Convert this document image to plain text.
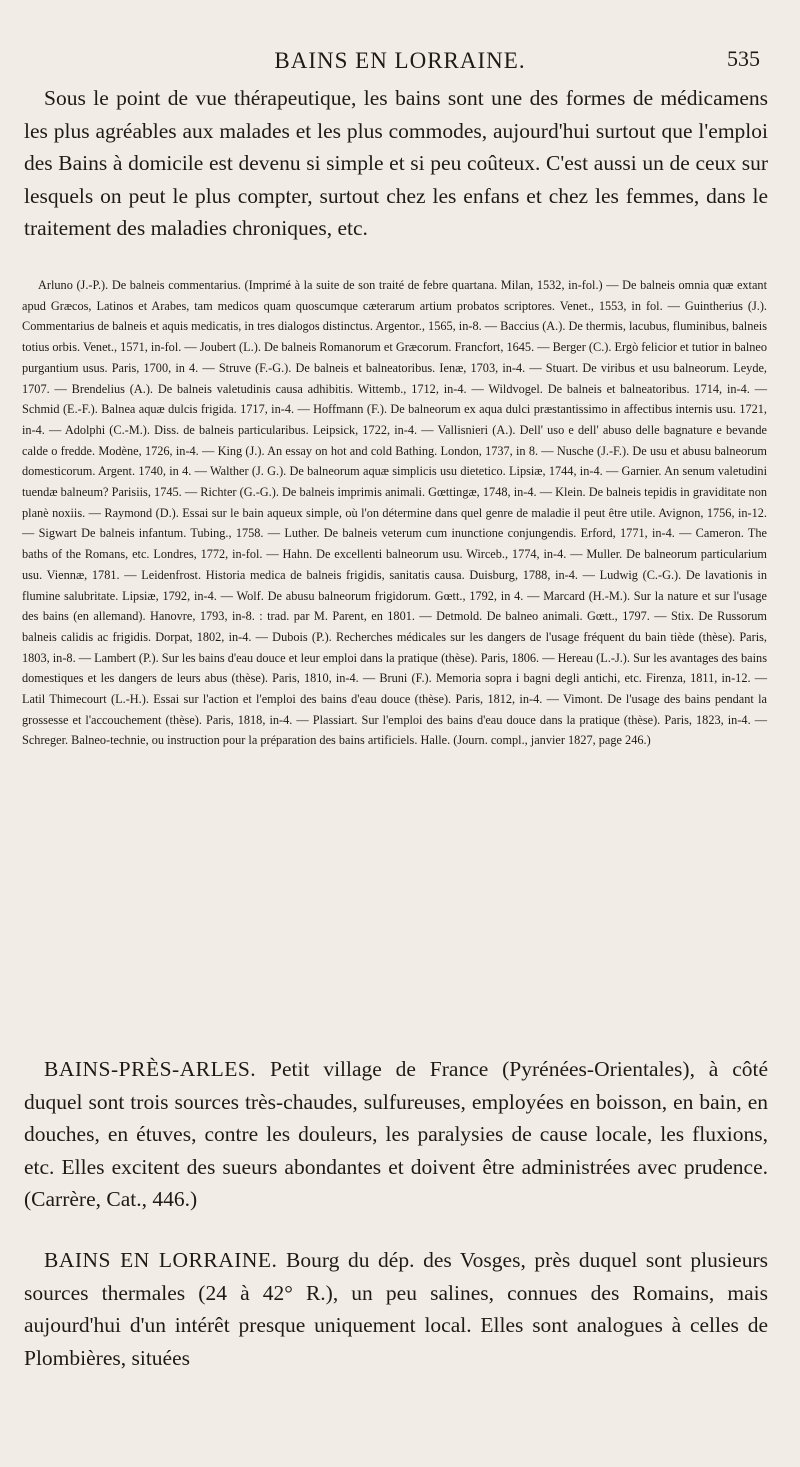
BAINS EN LORRAINE.	535

Sous le point de vue thérapeutique, les bains sont une des formes de médicamens les plus agréables aux malades et les plus commodes, aujourd'hui surtout que l'emploi des Bains à domicile est devenu si simple et si peu coûteux. C'est aussi un de ceux sur lesquels on peut le plus compter, surtout chez les enfans et chez les femmes, dans le traitement des maladies chroniques, etc.

Arluno (J.-P.). De balneis commentarius. (Imprimé à la suite de son traité de febre quartana. Milan, 1532, in-fol.) — De balneis omnia quæ extant apud Græcos, Latinos et Arabes, tam medicos quam quoscumque cæterarum artium probatos scriptores. Venet., 1553, in fol. — Guintherius (J.). Commentarius de balneis et aquis medicatis, in tres dialogos distinctus. Argentor., 1565, in-8. — Baccius (A.). De thermis, lacubus, fluminibus, balneis totius orbis. Venet., 1571, in-fol. — Joubert (L.). De balneis Romanorum et Græcorum. Francfort, 1645. — Berger (C.). Ergò felicior et tutior in balneo purgantium usus. Paris, 1700, in 4. — Struve (F.-G.). De balneis et balneatoribus. Ienæ, 1703, in-4. — Stuart. De viribus et usu balneorum. Leyde, 1707. — Brendelius (A.). De balneis valetudinis causa adhibitis. Wittemb., 1712, in-4. — Wildvogel. De balneis et balneatoribus. 1714, in-4. — Schmid (E.-F.). Balnea aquæ dulcis frigida. 1717, in-4. — Hoffmann (F.). De balneorum ex aqua dulci præstantissimo in affectibus internis usu. 1721, in-4. — Adolphi (C.-M.). Diss. de balneis particularibus. Leipsick, 1722, in-4. — Vallisnieri (A.). Dell' uso e dell' abuso delle bagnature e bevande calde o fredde. Modène, 1726, in-4. — King (J.). An essay on hot and cold Bathing. London, 1737, in 8. — Nusche (J.-F.). De usu et abusu balneorum domesticorum. Argent. 1740, in 4. — Walther (J. G.). De balneorum aquæ simplicis usu dietetico. Lipsiæ, 1744, in-4. — Garnier. An senum valetudini tuendæ balneum? Parisiis, 1745. — Richter (G.-G.). De balneis imprimis animali. Gœttingæ, 1748, in-4. — Klein. De balneis tepidis in graviditate non planè noxiis. — Raymond (D.). Essai sur le bain aqueux simple, où l'on détermine dans quel genre de maladie il peut être utile. Avignon, 1756, in-12. — Sigwart De balneis infantum. Tubing., 1758. — Luther. De balneis veterum cum inunctione conjungendis. Erford, 1771, in-4. — Cameron. The baths of the Romans, etc. Londres, 1772, in-fol. — Hahn. De excellenti balneorum usu. Wirceb., 1774, in-4. — Muller. De balneorum particularium usu. Viennæ, 1781. — Leidenfrost. Historia medica de balneis frigidis, sanitatis causa. Duisburg, 1788, in-4. — Ludwig (C.-G.). De lavationis in flumine salubritate. Lipsiæ, 1792, in-4. — Wolf. De abusu balneorum frigidorum. Gœtt., 1792, in 4. — Marcard (H.-M.). Sur la nature et sur l'usage des bains (en allemand). Hanovre, 1793, in-8. : trad. par M. Parent, en 1801. — Detmold. De balneo animali. Gœtt., 1797. — Stix. De Russorum balneis calidis ac frigidis. Dorpat, 1802, in-4. — Dubois (P.). Recherches médicales sur les dangers de l'usage fréquent du bain tiède (thèse). Paris, 1803, in-8. — Lambert (P.). Sur les bains d'eau douce et leur emploi dans la pratique (thèse). Paris, 1806. — Hereau (L.-J.). Sur les avantages des bains domestiques et les dangers de leurs abus (thèse). Paris, 1810, in-4. — Bruni (F.). Memoria sopra i bagni degli antichi, etc. Firenza, 1811, in-12. — Latil Thimecourt (L.-H.). Essai sur l'action et l'emploi des bains d'eau douce (thèse). Paris, 1812, in-4. — Vimont. De l'usage des bains pendant la grossesse et l'accouchement (thèse). Paris, 1818, in-4. — Plassiart. Sur l'emploi des bains d'eau douce dans la pratique (thèse). Paris, 1823, in-4. — Schreger. Balneo-technie, ou instruction pour la préparation des bains artificiels. Halle. (Journ. compl., janvier 1827, page 246.)

BAINS-PRÈS-ARLES. Petit village de France (Pyrénées-Orientales), à côté duquel sont trois sources très-chaudes, sulfureuses, employées en boisson, en bain, en douches, en étuves, contre les douleurs, les paralysies de cause locale, les fluxions, etc. Elles excitent des sueurs abondantes et doivent être administrées avec prudence. (Carrère, Cat., 446.)

BAINS EN LORRAINE. Bourg du dép. des Vosges, près duquel sont plusieurs sources thermales (24 à 42° R.), un peu salines, connues des Romains, mais aujourd'hui d'un intérêt presque uniquement local. Elles sont analogues à celles de Plombières, situées
